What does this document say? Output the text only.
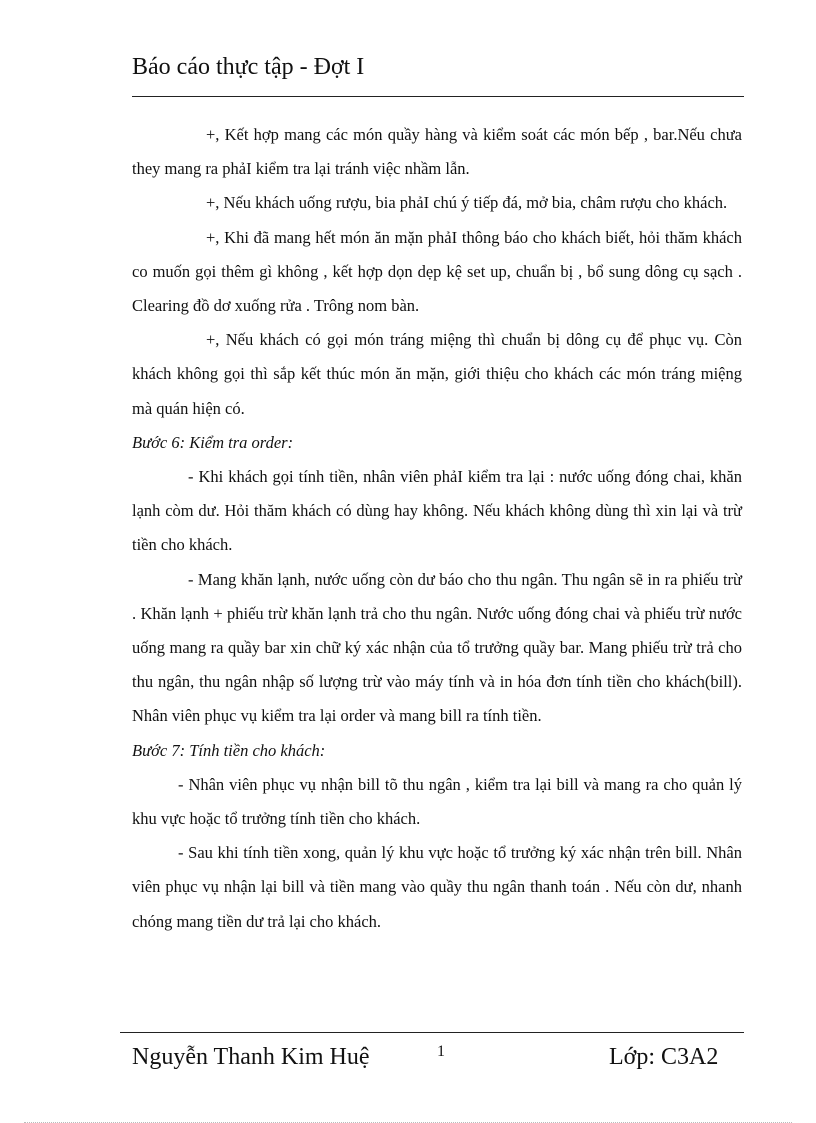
Báo cáo thực tập - Đợt I

+, Kết hợp mang các món quầy hàng và kiểm soát các món bếp , bar.Nếu chưa they mang ra phảI kiểm tra lại tránh việc nhầm lẫn.

+, Nếu khách uống rượu, bia phảI chú ý tiếp đá, mở bia, châm rượu cho khách.

+, Khi đã mang hết món ăn mặn phảI thông báo cho khách biết, hỏi thăm khách co muốn gọi thêm gì không , kết hợp dọn dẹp kệ set up, chuẩn bị , bổ sung dông cụ sạch . Clearing đồ dơ xuống rửa . Trông nom bàn.

+, Nếu khách có gọi món tráng miệng thì chuẩn bị dông cụ để phục vụ. Còn khách không gọi thì sắp kết thúc món ăn mặn, giới thiệu cho khách các món tráng miệng mà quán hiện có.

Bước 6: Kiểm tra order:

- Khi khách gọi tính tiền, nhân viên phảI kiểm tra lại : nước uống đóng chai, khăn lạnh còm dư. Hỏi thăm khách có dùng hay không. Nếu khách không dùng thì xin lại và trừ tiền cho khách.

- Mang khăn lạnh, nước uống còn dư báo cho thu ngân. Thu ngân sẽ in ra phiếu trừ . Khăn lạnh + phiếu trừ khăn lạnh trả cho thu ngân. Nước uống đóng chai và phiếu trừ nước uống mang ra quầy bar xin chữ ký xác nhận của tổ trưởng quầy bar. Mang phiếu trừ trả cho thu ngân, thu ngân nhập số lượng trừ vào máy tính và in hóa đơn tính tiền cho khách(bill). Nhân viên phục vụ kiểm tra lại order và mang bill ra tính tiền.

Bước 7: Tính tiền cho khách:

- Nhân viên phục vụ nhận bill tõ thu ngân , kiểm tra lại bill và mang ra cho quản lý khu vực hoặc tổ trưởng tính tiền cho khách.

- Sau khi tính tiền xong, quản lý khu vực hoặc tổ trưởng ký xác nhận trên bill. Nhân viên phục vụ nhận lại bill và tiền mang vào quầy thu ngân thanh toán . Nếu còn dư, nhanh chóng mang tiền dư trả lại cho khách.

Nguyễn Thanh Kim Huệ	1	Lớp: C3A2
